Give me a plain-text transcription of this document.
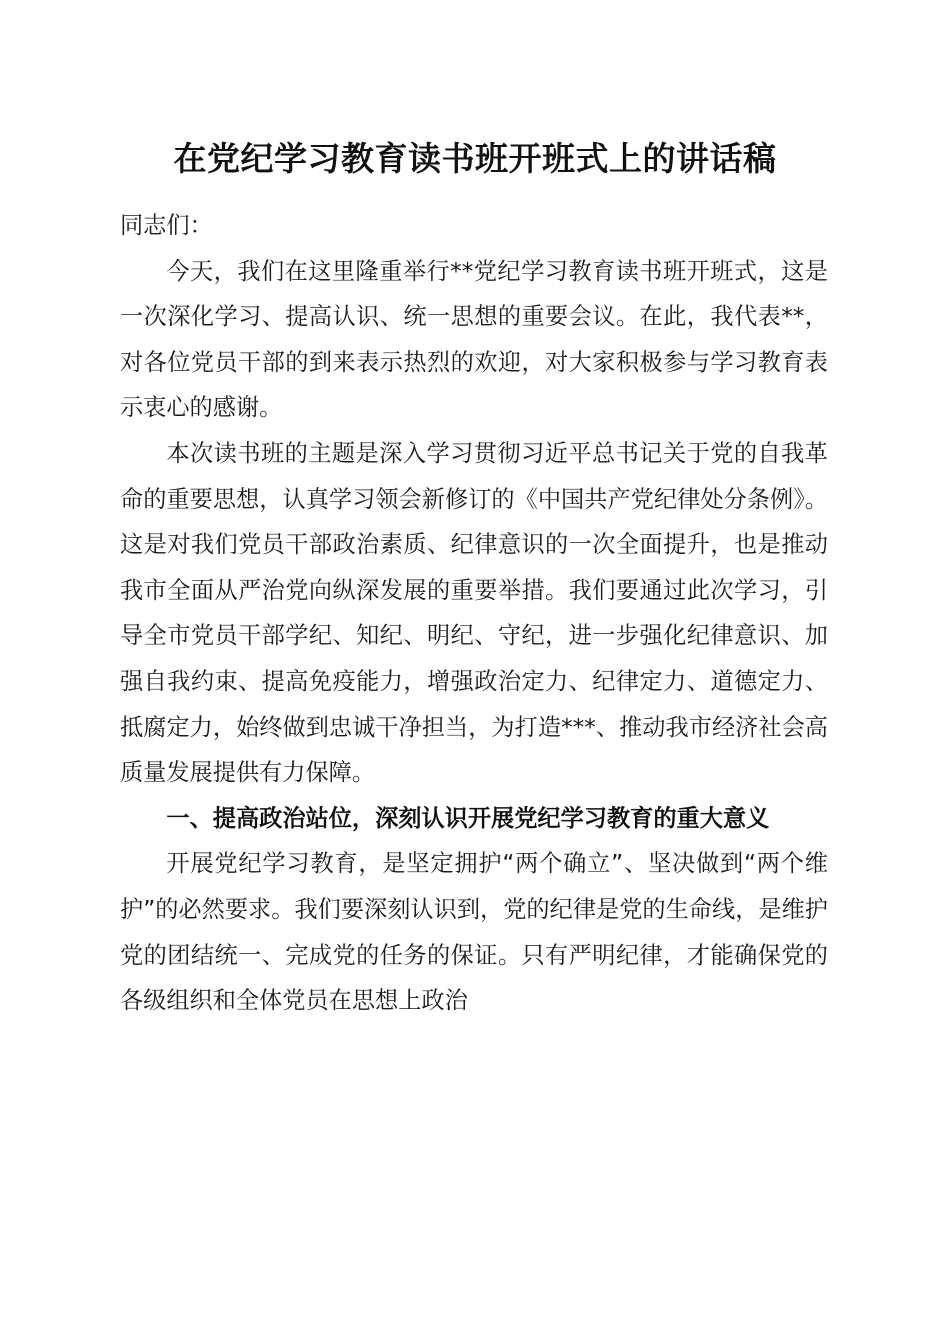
在党纪学习教育读书班开班式上的讲话稿

同志们：

今天，我们在这里隆重举行**党纪学习教育读书班开班式，这是一次深化学习、提高认识、统一思想的重要会议。在此，我代表**，对各位党员干部的到来表示热烈的欢迎，对大家积极参与学习教育表示衷心的感谢。

本次读书班的主题是深入学习贯彻习近平总书记关于党的自我革命的重要思想，认真学习领会新修订的《中国共产党纪律处分条例》。这是对我们党员干部政治素质、纪律意识的一次全面提升，也是推动我市全面从严治党向纵深发展的重要举措。我们要通过此次学习，引导全市党员干部学纪、知纪、明纪、守纪，进一步强化纪律意识、加强自我约束、提高免疫能力，增强政治定力、纪律定力、道德定力、抵腐定力，始终做到忠诚干净担当，为打造***、推动我市经济社会高质量发展提供有力保障。

一、提高政治站位，深刻认识开展党纪学习教育的重大意义

开展党纪学习教育，是坚定拥护“两个确立”、坚决做到“两个维护”的必然要求。我们要深刻认识到，党的纪律是党的生命线，是维护党的团结统一、完成党的任务的保证。只有严明纪律，才能确保党的各级组织和全体党员在思想上政治
